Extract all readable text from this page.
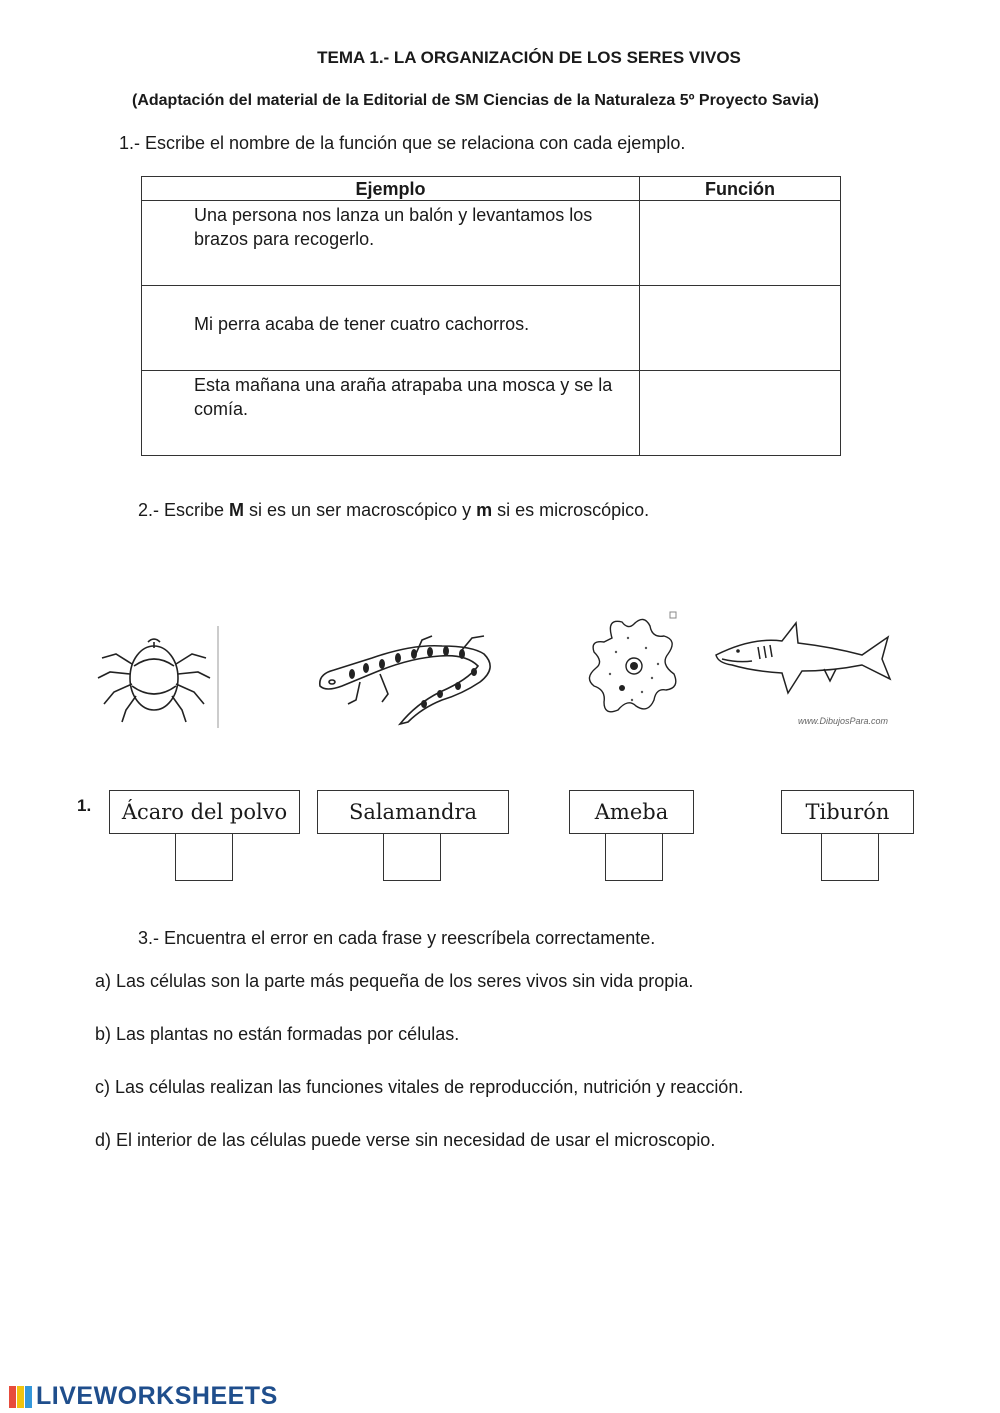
TEMA 1.- LA ORGANIZACIÓN DE LOS SERES VIVOS
(Adaptación del material de la Editorial de SM Ciencias de la Naturaleza 5º Proyecto Savia)
1.- Escribe el nombre de la función que se relaciona con cada ejemplo.
Ejemplo	Función

Una persona nos lanza un balón y levantamos los brazos para recogerlo.	

Mi perra acaba de tener cuatro cachorros.	

Esta mañana una araña atrapaba una mosca y se la comía.	

2.- Escribe M si es un ser macroscópico y m si es microscópico.
www.DibujosPara.com
1.	Ácaro del polvo	Salamandra	Ameba	Tiburón
3.- Encuentra el error en cada frase y reescríbela correctamente.
a) Las células son la parte más pequeña de los seres vivos sin vida propia.
b) Las plantas no están formadas por células.
c) Las células realizan las funciones vitales de reproducción, nutrición y reacción.
d) El interior de las células puede verse sin necesidad de usar el microscopio.
LIVEWORKSHEETS
